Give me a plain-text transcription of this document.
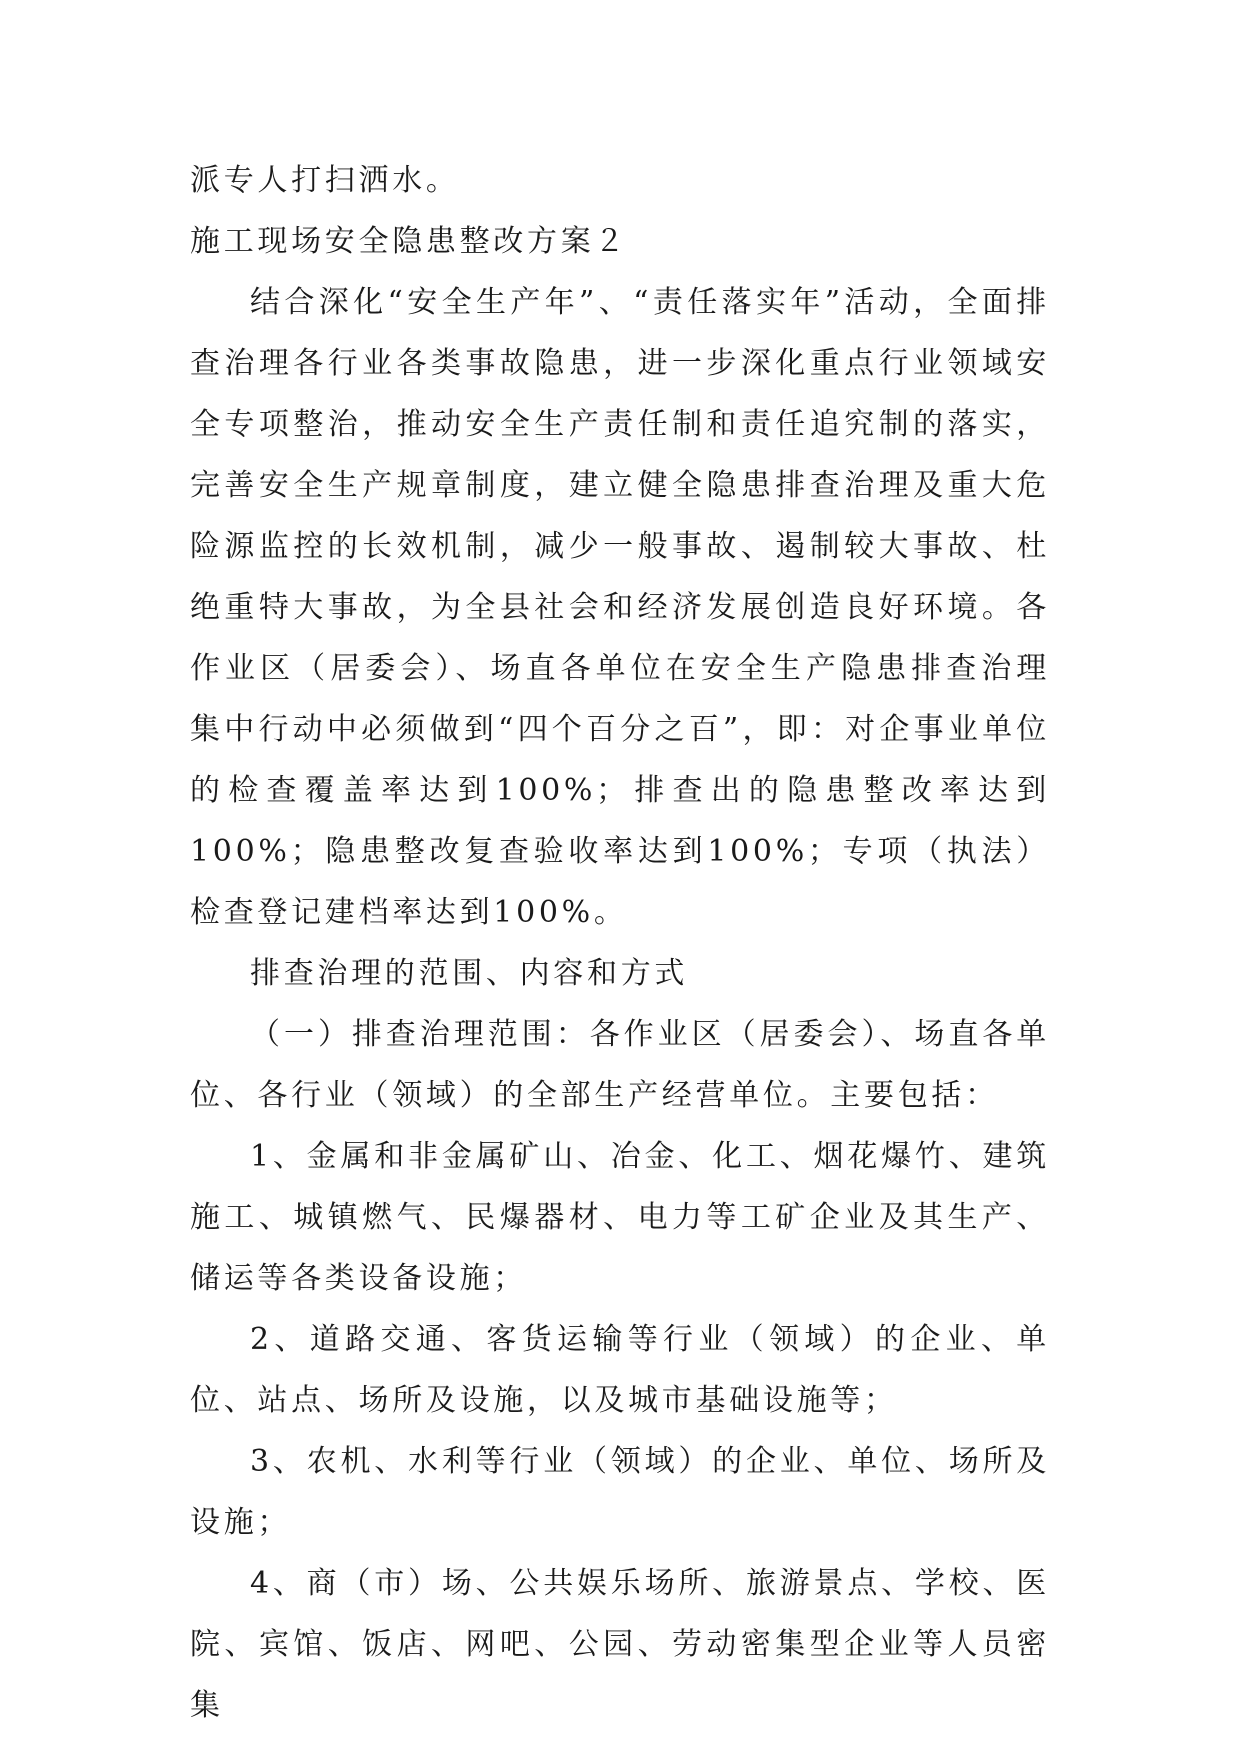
派专人打扫洒水。

施工现场安全隐患整改方案２

结合深化“安全生产年”、“责任落实年”活动，全面排查治理各行业各类事故隐患，进一步深化重点行业领域安全专项整治，推动安全生产责任制和责任追究制的落实，完善安全生产规章制度，建立健全隐患排查治理及重大危险源监控的长效机制，减少一般事故、遏制较大事故、杜绝重特大事故，为全县社会和经济发展创造良好环境。各作业区（居委会）、场直各单位在安全生产隐患排查治理集中行动中必须做到“四个百分之百”，即：对企事业单位的检查覆盖率达到100%；排查出的隐患整改率达到100%；隐患整改复查验收率达到100%；专项（执法）检查登记建档率达到100%。

排查治理的范围、内容和方式

（一）排查治理范围：各作业区（居委会）、场直各单位、各行业（领域）的全部生产经营单位。主要包括：

1、金属和非金属矿山、冶金、化工、烟花爆竹、建筑施工、城镇燃气、民爆器材、电力等工矿企业及其生产、储运等各类设备设施；

2、道路交通、客货运输等行业（领域）的企业、单位、站点、场所及设施，以及城市基础设施等；

3、农机、水利等行业（领域）的企业、单位、场所及设施；

4、商（市）场、公共娱乐场所、旅游景点、学校、医院、宾馆、饭店、网吧、公园、劳动密集型企业等人员密集
